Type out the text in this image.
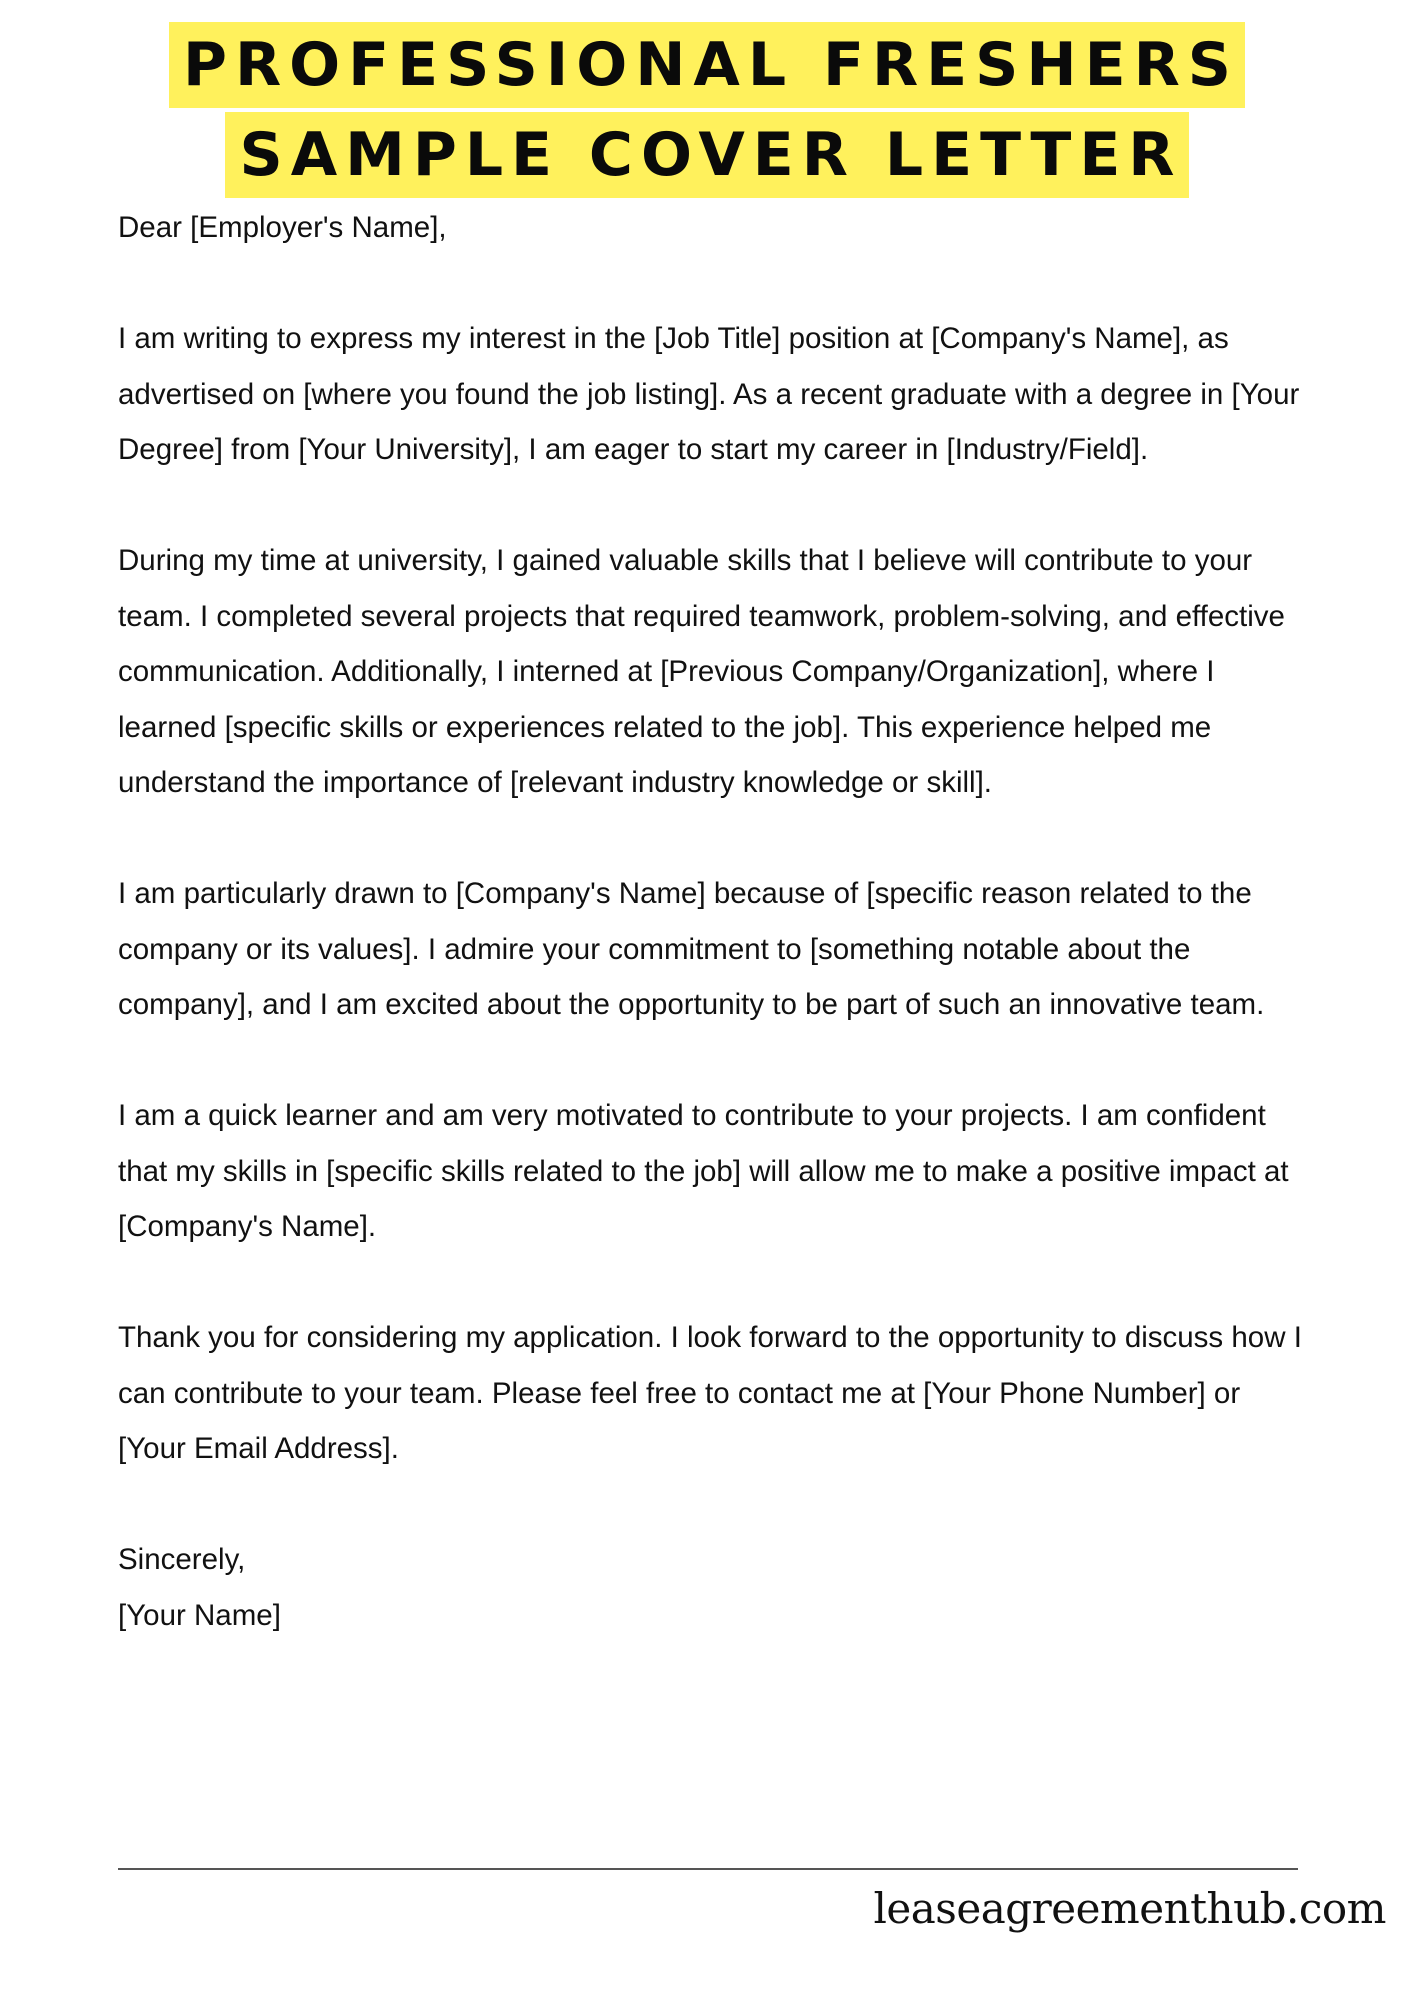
PROFESSIONAL FRESHERS
SAMPLE COVER LETTER

Dear [Employer's Name],

I am writing to express my interest in the [Job Title] position at [Company's Name], as advertised on [where you found the job listing]. As a recent graduate with a degree in [Your Degree] from [Your University], I am eager to start my career in [Industry/Field].

During my time at university, I gained valuable skills that I believe will contribute to your team. I completed several projects that required teamwork, problem-solving, and effective communication. Additionally, I interned at [Previous Company/Organization], where I learned [specific skills or experiences related to the job]. This experience helped me understand the importance of [relevant industry knowledge or skill].

I am particularly drawn to [Company's Name] because of [specific reason related to the company or its values]. I admire your commitment to [something notable about the company], and I am excited about the opportunity to be part of such an innovative team.

I am a quick learner and am very motivated to contribute to your projects. I am confident that my skills in [specific skills related to the job] will allow me to make a positive impact at [Company's Name].

Thank you for considering my application. I look forward to the opportunity to discuss how I can contribute to your team. Please feel free to contact me at [Your Phone Number] or [Your Email Address].

Sincerely,
[Your Name]
leaseagreementhub.com
